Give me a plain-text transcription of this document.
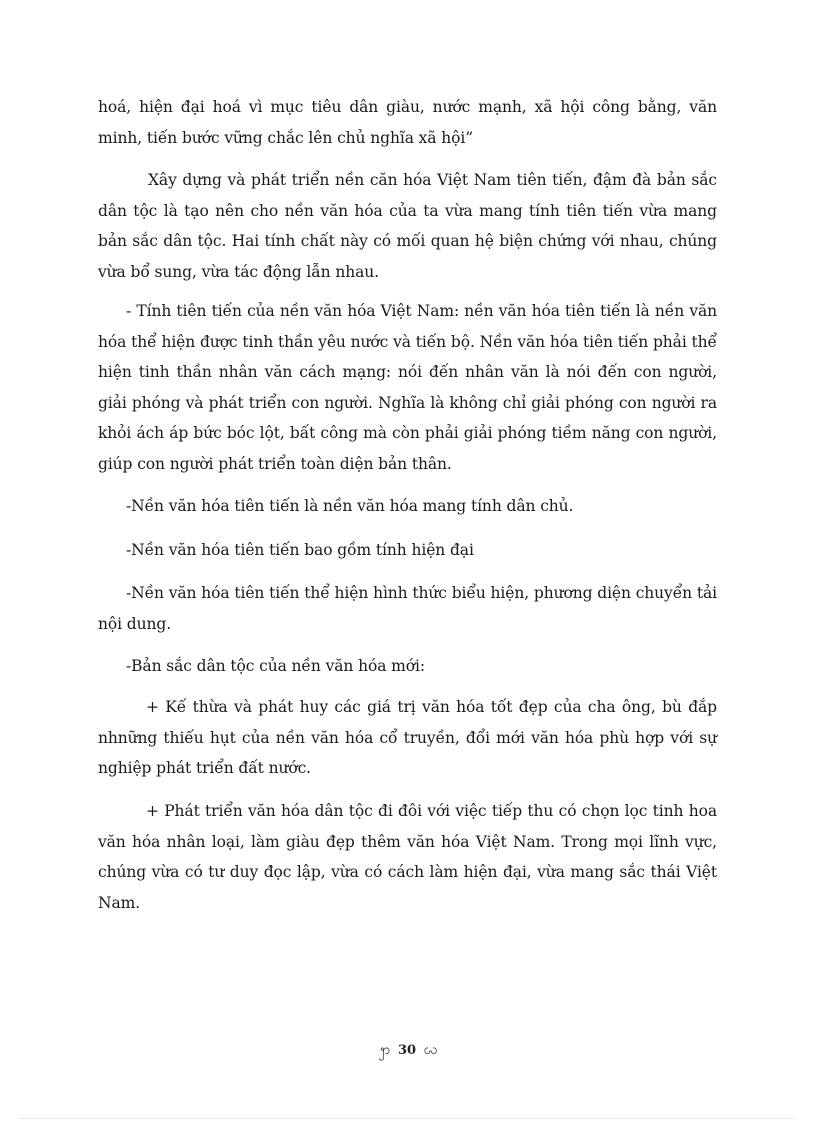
hoá, hiện đại hoá vì mục tiêu dân giàu, nước mạnh, xã hội công bằng, văn minh, tiến bước vững chắc lên chủ nghĩa xã hội”

Xây dựng và phát triển nền căn hóa Việt Nam tiên tiến, đậm đà bản sắc dân tộc là tạo nên cho nền văn hóa của ta vừa mang tính tiên tiến vừa mang bản sắc dân tộc. Hai tính chất này có mối quan hệ biện chứng với nhau, chúng vừa bổ sung, vừa tác động lẫn nhau.

- Tính tiên tiến của nền văn hóa Việt Nam: nền văn hóa tiên tiến là nền văn hóa thể hiện được tinh thần yêu nước và tiến bộ. Nền văn hóa tiên tiến phải thể hiện tinh thần nhân văn cách mạng: nói đến nhân văn là nói đến con người, giải phóng và phát triển con người. Nghĩa là không chỉ giải phóng con người ra khỏi ách áp bức bóc lột, bất công mà còn phải giải phóng tiềm năng con người, giúp con người phát triển toàn diện bản thân.

-Nền văn hóa tiên tiến là nền văn hóa mang tính dân chủ.

-Nền văn hóa tiên tiến bao gồm tính hiện đại

-Nền văn hóa tiên tiến thể hiện hình thức biểu hiện, phương diện chuyển tải nội dung.

-Bản sắc dân tộc của nền văn hóa mới:

+ Kế thừa và phát huy các giá trị văn hóa tốt đẹp của cha ông, bù đắp nhnững thiếu hụt của nền văn hóa cổ truyền, đổi mới văn hóa phù hợp với sự nghiệp phát triển đất nước.

+ Phát triển văn hóa dân tộc đi đôi với việc tiếp thu có chọn lọc tinh hoa văn hóa nhân loại, làm giàu đẹp thêm văn hóa Việt Nam. Trong mọi lĩnh vực, chúng vừa có tư duy đọc lập, vừa có cách làm hiện đại, vừa mang sắc thái Việt Nam.

ꩭ 30 ꩬ
